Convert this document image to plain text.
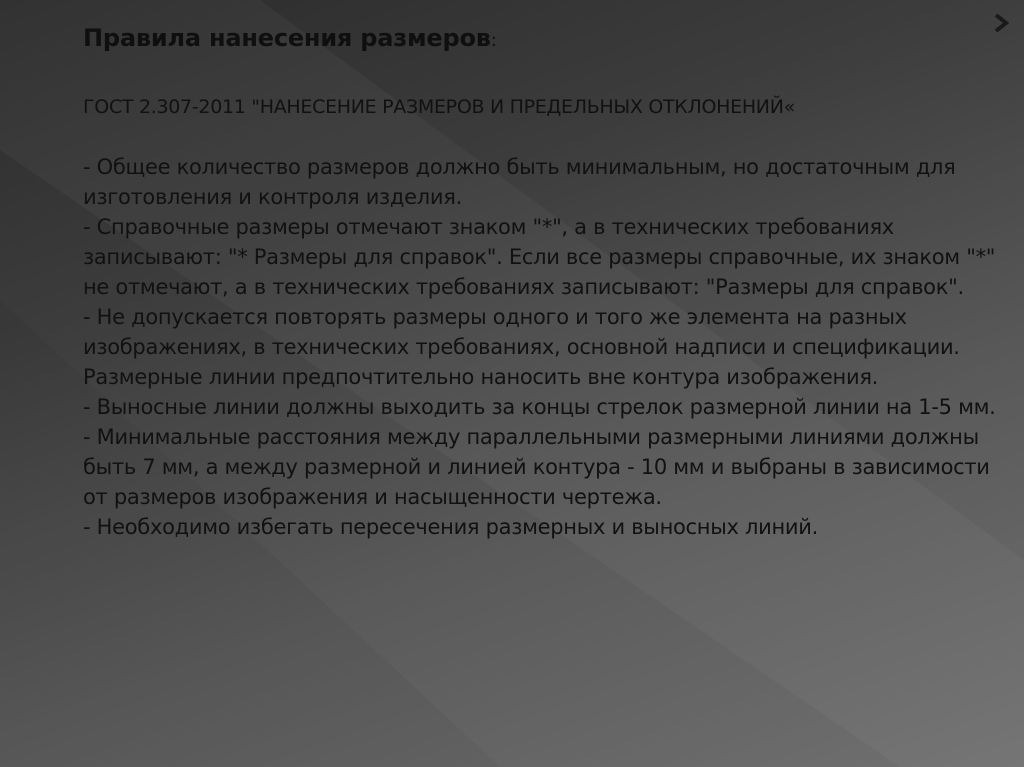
Правила нанесения размеров:

ГОСТ 2.307-2011 "НАНЕСЕНИЕ РАЗМЕРОВ И ПРЕДЕЛЬНЫХ ОТКЛОНЕНИЙ«

- Общее количество размеров должно быть минимальным, но достаточным для изготовления и контроля изделия.
- Справочные размеры отмечают знаком "*", а в технических требованиях записывают: "* Размеры для справок". Если все размеры справочные, их знаком "*" не отмечают, а в технических требованиях записывают: "Размеры для справок".
- Не допускается повторять размеры одного и того же элемента на разных изображениях, в технических требованиях, основной надписи и спецификации.
Размерные линии предпочтительно наносить вне контура изображения.
- Выносные линии должны выходить за концы стрелок размерной линии на 1-5 мм.
- Минимальные расстояния между параллельными размерными линиями должны быть 7 мм, а между размерной и линией контура - 10 мм и выбраны в зависимости от размеров изображения и насыщенности чертежа.
- Необходимо избегать пересечения размерных и выносных линий.
